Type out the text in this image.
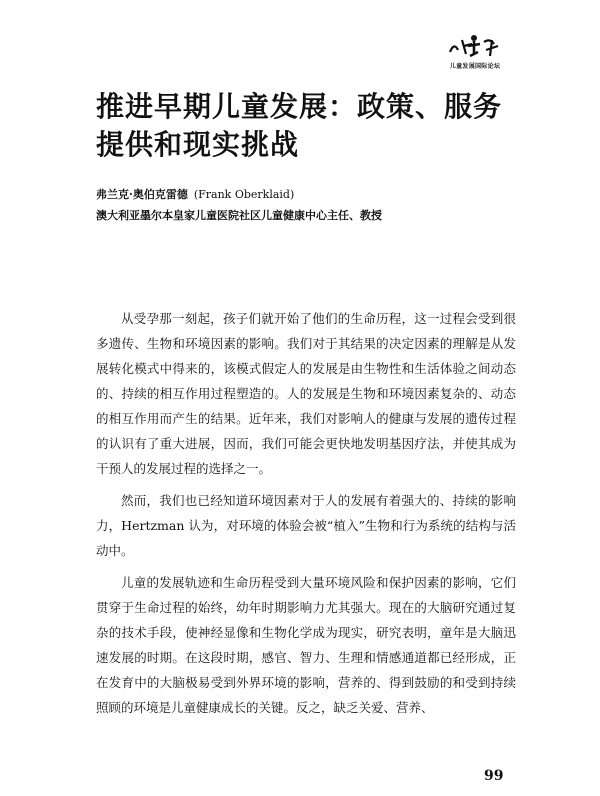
儿童发展国际论坛
推进早期儿童发展：政策、服务
提供和现实挑战
弗兰克·奥伯克雷德 (Frank Oberklaid)
澳大利亚墨尔本皇家儿童医院社区儿童健康中心主任、教授

从受孕那一刻起，孩子们就开始了他们的生命历程，这一过程会受到很多遗传、生物和环境因素的影响。我们对于其结果的决定因素的理解是从发展转化模式中得来的，该模式假定人的发展是由生物性和生活体验之间动态的、持续的相互作用过程塑造的。人的发展是生物和环境因素复杂的、动态的相互作用而产生的结果。近年来，我们对影响人的健康与发展的遗传过程的认识有了重大进展，因而，我们可能会更快地发明基因疗法，并使其成为干预人的发展过程的选择之一。

然而，我们也已经知道环境因素对于人的发展有着强大的、持续的影响力，Hertzman 认为，对环境的体验会被“植入”生物和行为系统的结构与活动中。

儿童的发展轨迹和生命历程受到大量环境风险和保护因素的影响，它们贯穿于生命过程的始终，幼年时期影响力尤其强大。现在的大脑研究通过复杂的技术手段，使神经显像和生物化学成为现实，研究表明，童年是大脑迅速发展的时期。在这段时期，感官、智力、生理和情感通道都已经形成，正在发育中的大脑极易受到外界环境的影响，营养的、得到鼓励的和受到持续照顾的环境是儿童健康成长的关键。反之，缺乏关爱、营养、

99
